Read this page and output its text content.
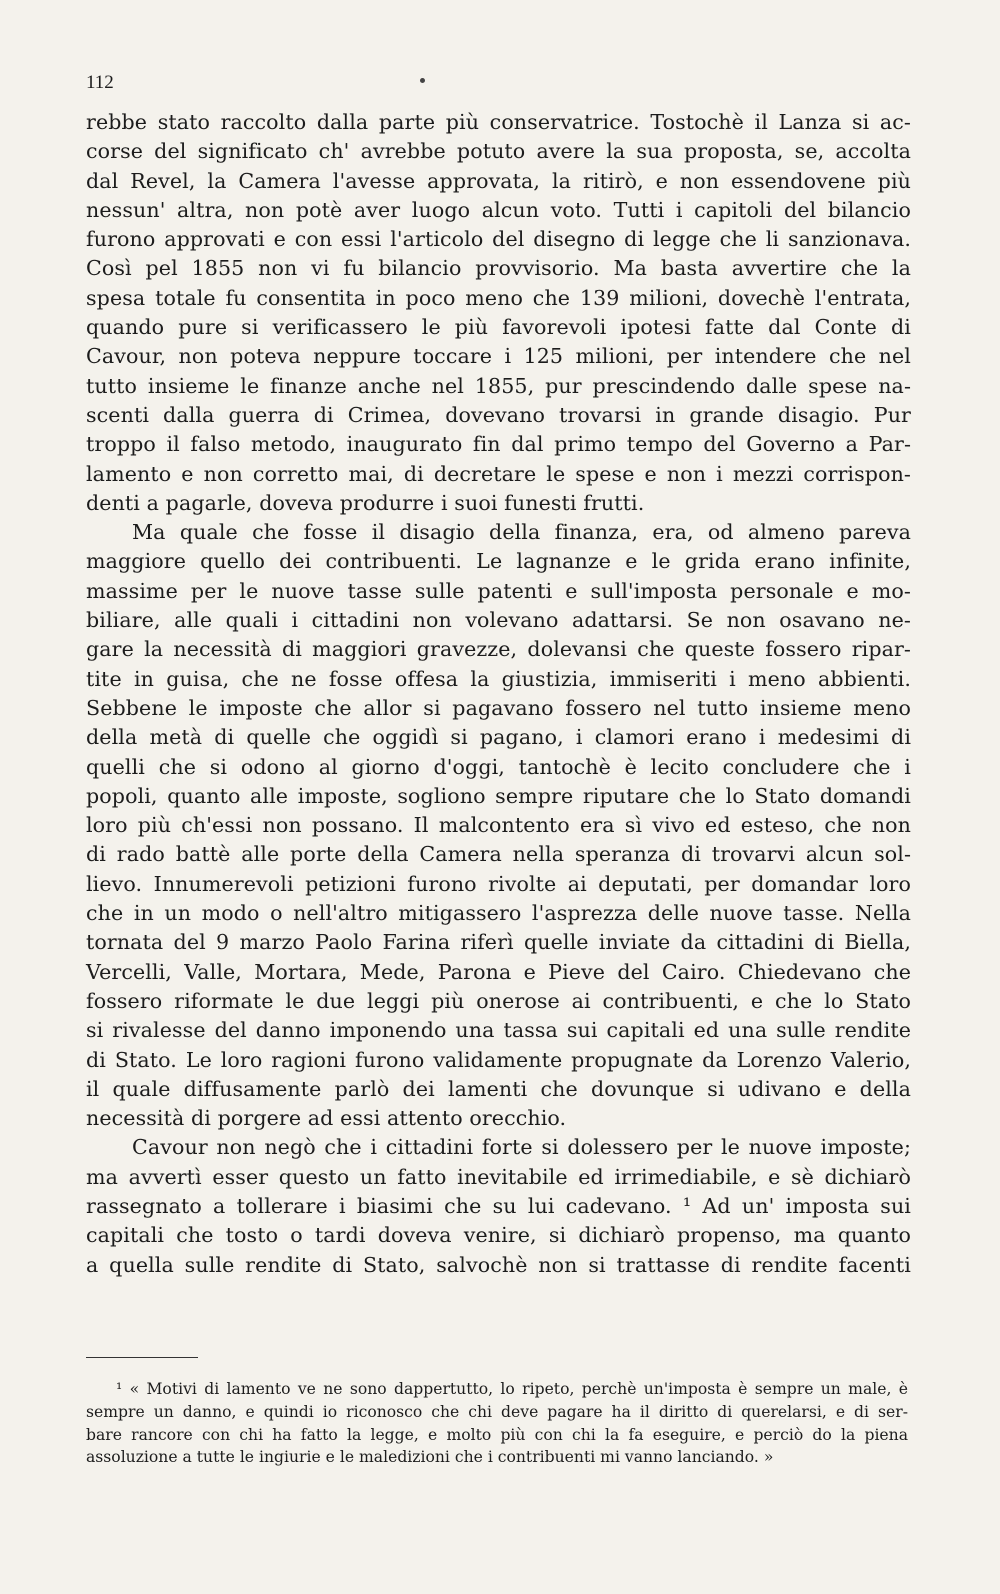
112
rebbe stato raccolto dalla parte più conservatrice. Tostochè il Lanza si ac-
corse del significato ch' avrebbe potuto avere la sua proposta, se, accolta
dal Revel, la Camera l'avesse approvata, la ritirò, e non essendovene più
nessun' altra, non potè aver luogo alcun voto. Tutti i capitoli del bilancio
furono approvati e con essi l'articolo del disegno di legge che li sanzionava.
Così pel 1855 non vi fu bilancio provvisorio. Ma basta avvertire che la
spesa totale fu consentita in poco meno che 139 milioni, dovechè l'entrata,
quando pure si verificassero le più favorevoli ipotesi fatte dal Conte di
Cavour, non poteva neppure toccare i 125 milioni, per intendere che nel
tutto insieme le finanze anche nel 1855, pur prescindendo dalle spese na-
scenti dalla guerra di Crimea, dovevano trovarsi in grande disagio. Pur
troppo il falso metodo, inaugurato fin dal primo tempo del Governo a Par-
lamento e non corretto mai, di decretare le spese e non i mezzi corrispon-
denti a pagarle, doveva produrre i suoi funesti frutti.
Ma quale che fosse il disagio della finanza, era, od almeno pareva
maggiore quello dei contribuenti. Le lagnanze e le grida erano infinite,
massime per le nuove tasse sulle patenti e sull'imposta personale e mo-
biliare, alle quali i cittadini non volevano adattarsi. Se non osavano ne-
gare la necessità di maggiori gravezze, dolevansi che queste fossero ripar-
tite in guisa, che ne fosse offesa la giustizia, immiseriti i meno abbienti.
Sebbene le imposte che allor si pagavano fossero nel tutto insieme meno
della metà di quelle che oggidì si pagano, i clamori erano i medesimi di
quelli che si odono al giorno d'oggi, tantochè è lecito concludere che i
popoli, quanto alle imposte, sogliono sempre riputare che lo Stato domandi
loro più ch'essi non possano. Il malcontento era sì vivo ed esteso, che non
di rado battè alle porte della Camera nella speranza di trovarvi alcun sol-
lievo. Innumerevoli petizioni furono rivolte ai deputati, per domandar loro
che in un modo o nell'altro mitigassero l'asprezza delle nuove tasse. Nella
tornata del 9 marzo Paolo Farina riferì quelle inviate da cittadini di Biella,
Vercelli, Valle, Mortara, Mede, Parona e Pieve del Cairo. Chiedevano che
fossero riformate le due leggi più onerose ai contribuenti, e che lo Stato
si rivalesse del danno imponendo una tassa sui capitali ed una sulle rendite
di Stato. Le loro ragioni furono validamente propugnate da Lorenzo Valerio,
il quale diffusamente parlò dei lamenti che dovunque si udivano e della
necessità di porgere ad essi attento orecchio.
Cavour non negò che i cittadini forte si dolessero per le nuove imposte;
ma avvertì esser questo un fatto inevitabile ed irrimediabile, e sè dichiarò
rassegnato a tollerare i biasimi che su lui cadevano. ¹ Ad un' imposta sui
capitali che tosto o tardi doveva venire, si dichiarò propenso, ma quanto
a quella sulle rendite di Stato, salvochè non si trattasse di rendite facenti
¹ « Motivi di lamento ve ne sono dappertutto, lo ripeto, perchè un'imposta è sempre un male, è
sempre un danno, e quindi io riconosco che chi deve pagare ha il diritto di querelarsi, e di ser-
bare rancore con chi ha fatto la legge, e molto più con chi la fa eseguire, e perciò do la piena
assoluzione a tutte le ingiurie e le maledizioni che i contribuenti mi vanno lanciando. »
